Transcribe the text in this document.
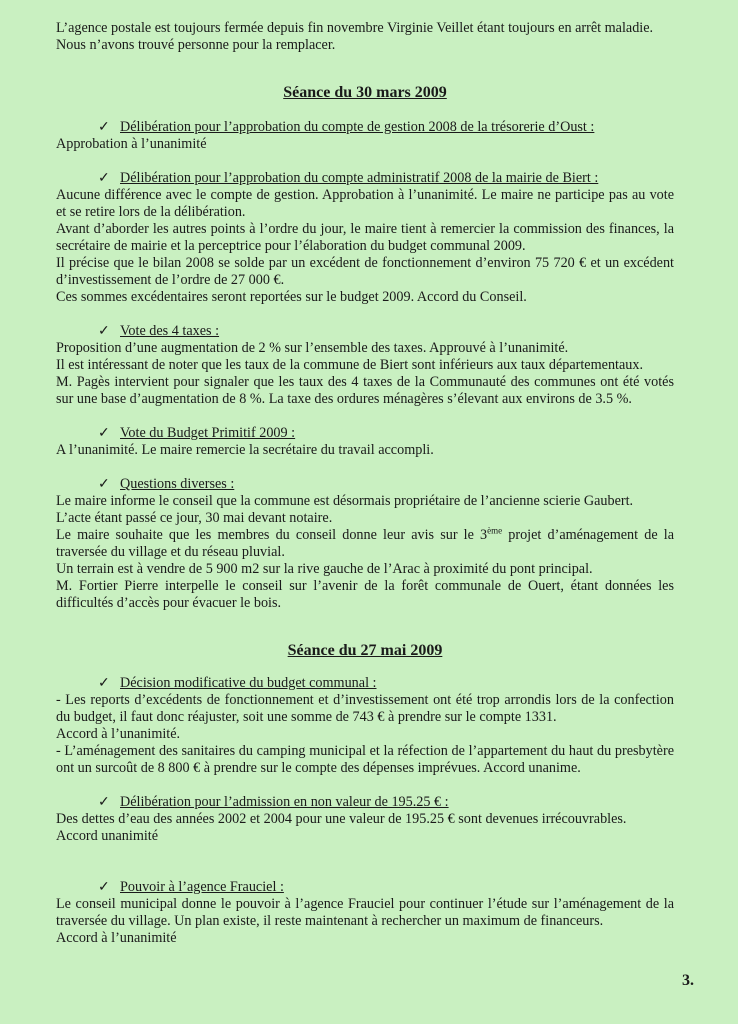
L’agence postale est toujours fermée depuis fin novembre Virginie Veillet étant toujours en arrêt maladie.

Nous n’avons trouvé personne pour la remplacer.

Séance du 30 mars 2009

✓ Délibération pour l’approbation du compte de gestion 2008 de la trésorerie d’Oust :

Approbation à l’unanimité

✓ Délibération pour l’approbation du compte administratif 2008 de la mairie de Biert :

Aucune différence avec le compte de gestion. Approbation à l’unanimité. Le maire ne participe pas au vote et se retire lors de la délibération.

Avant d’aborder les autres points à l’ordre du jour, le maire tient à remercier la commission des finances, la secrétaire de mairie et la perceptrice pour l’élaboration du budget communal 2009.

Il précise que le bilan 2008 se solde par un excédent de fonctionnement d’environ 75 720 € et un excédent d’investissement de l’ordre de 27 000 €.

Ces sommes excédentaires seront reportées sur le budget 2009. Accord du Conseil.

✓ Vote des 4 taxes :

Proposition d’une augmentation de 2 % sur l’ensemble des taxes. Approuvé à l’unanimité.

Il est intéressant de noter que les taux de la commune de Biert sont inférieurs aux taux départementaux.

M. Pagès intervient pour signaler que les taux des 4 taxes de la Communauté des communes ont été votés sur une base d’augmentation de 8 %. La taxe des ordures ménagères s’élevant aux environs de 3.5 %.

✓ Vote du Budget Primitif 2009 :

A l’unanimité. Le maire remercie la secrétaire du travail accompli.

✓ Questions diverses :

Le maire informe le conseil que la commune est désormais propriétaire de l’ancienne scierie Gaubert.

L’acte étant passé ce jour, 30 mai devant notaire.

Le maire souhaite que les membres du conseil donne leur avis sur le 3ème projet d’aménagement de la traversée du village et du réseau pluvial.

Un terrain est à vendre de 5 900 m2 sur la rive gauche de l’Arac à proximité du pont principal.

M. Fortier Pierre interpelle le conseil sur l’avenir de la forêt communale de Ouert, étant données les difficultés d’accès pour évacuer le bois.

Séance du 27 mai 2009

✓ Décision modificative du budget communal :

- Les reports d’excédents de fonctionnement et d’investissement ont été trop arrondis lors de la confection du budget, il faut donc réajuster, soit une somme de 743 € à prendre sur le compte 1331.

Accord à l’unanimité.

- L’aménagement des sanitaires du camping municipal et la réfection de l’appartement du haut du presbytère ont un surcoût de 8 800 € à prendre sur le compte des dépenses imprévues. Accord unanime.

✓ Délibération pour l’admission en non valeur de 195.25 € :

Des dettes d’eau des années 2002 et 2004 pour une valeur de 195.25 € sont devenues irrécouvrables.

Accord unanimité

✓ Pouvoir à l’agence Frauciel :

Le conseil municipal donne le pouvoir à l’agence Frauciel pour continuer l’étude sur l’aménagement de la traversée du village. Un plan existe, il reste maintenant à rechercher un maximum de financeurs.

Accord à l’unanimité

3.
